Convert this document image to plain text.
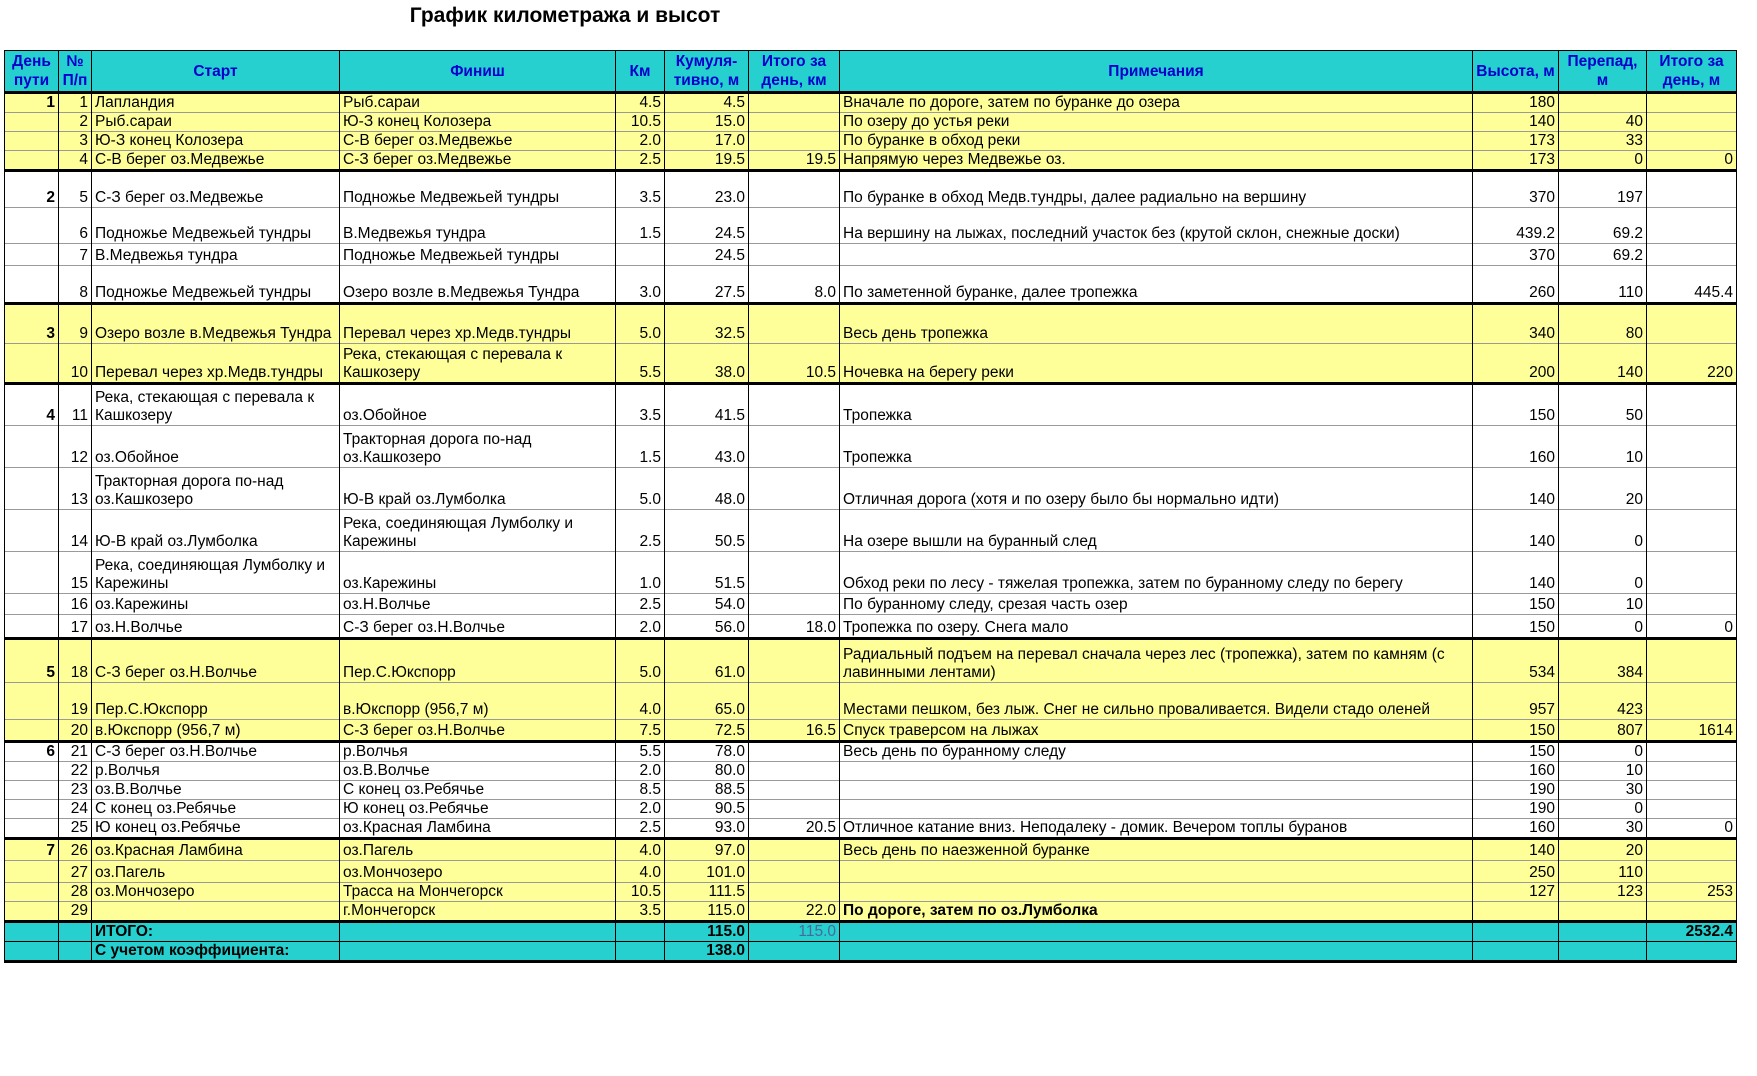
График километража и высот
День пути	№ П/п	Старт	Финиш	Км	Кумуля-тивно, м	Итого за день, км	Примечания	Высота, м	Перепад, м	Итого за день, м
1	1	Лапландия	Рыб.сараи	4.5	4.5		Вначале по дороге, затем по буранке до озера	180		
	2	Рыб.сараи	Ю-З конец Колозера	10.5	15.0		По озеру до устья реки	140	40	
	3	Ю-З конец Колозера	С-В берег оз.Медвежье	2.0	17.0		По буранке в обход реки	173	33	
	4	С-В берег оз.Медвежье	С-З берег оз.Медвежье	2.5	19.5	19.5	Напрямую через Медвежье оз.	173	0	0
2	5	С-З берег оз.Медвежье	Подножье Медвежьей тундры	3.5	23.0		По буранке в обход Медв.тундры, далее радиально на вершину	370	197	
	6	Подножье Медвежьей тундры	В.Медвежья тундра	1.5	24.5		На вершину на лыжах, последний участок без (крутой склон, снежные доски)	439.2	69.2	
	7	В.Медвежья тундра	Подножье Медвежьей тундры		24.5			370	69.2	
	8	Подножье Медвежьей тундры	Озеро возле в.Медвежья Тундра	3.0	27.5	8.0	По заметенной буранке, далее тропежка	260	110	445.4
3	9	Озеро возле в.Медвежья Тундра	Перевал через хр.Медв.тундры	5.0	32.5		Весь день тропежка	340	80	
	10	Перевал через хр.Медв.тундры	Река, стекающая с перевала к Кашкозеру	5.5	38.0	10.5	Ночевка на берегу реки	200	140	220
4	11	Река, стекающая с перевала к Кашкозеру	оз.Обойное	3.5	41.5		Тропежка	150	50	
	12	оз.Обойное	Тракторная дорога по-над оз.Кашкозеро	1.5	43.0		Тропежка	160	10	
	13	Тракторная дорога по-над оз.Кашкозеро	Ю-В край оз.Лумболка	5.0	48.0		Отличная дорога (хотя и по озеру было бы нормально идти)	140	20	
	14	Ю-В край оз.Лумболка	Река, соединяющая Лумболку и Карежины	2.5	50.5		На озере вышли на буранный след	140	0	
	15	Река, соединяющая Лумболку и Карежины	оз.Карежины	1.0	51.5		Обход реки по лесу - тяжелая тропежка, затем по буранному следу по берегу	140	0	
	16	оз.Карежины	оз.Н.Волчье	2.5	54.0		По буранному следу, срезая часть озер	150	10	
	17	оз.Н.Волчье	С-З берег оз.Н.Волчье	2.0	56.0	18.0	Тропежка по озеру. Снега мало	150	0	0
5	18	С-З берег оз.Н.Волчье	Пер.С.Юкспорр	5.0	61.0		Радиальный подъем на перевал сначала через лес (тропежка), затем по камням (с лавинными лентами)	534	384	
	19	Пер.С.Юкспорр	в.Юкспорр (956,7 м)	4.0	65.0		Местами пешком, без лыж. Снег не сильно проваливается. Видели стадо оленей	957	423	
	20	в.Юкспорр (956,7 м)	С-З берег оз.Н.Волчье	7.5	72.5	16.5	Спуск траверсом на лыжах	150	807	1614
6	21	С-З берег оз.Н.Волчье	р.Волчья	5.5	78.0		Весь день по буранному следу	150	0	
	22	р.Волчья	оз.В.Волчье	2.0	80.0			160	10	
	23	оз.В.Волчье	С конец оз.Ребячье	8.5	88.5			190	30	
	24	С конец оз.Ребячье	Ю конец оз.Ребячье	2.0	90.5			190	0	
	25	Ю конец оз.Ребячье	оз.Красная Ламбина	2.5	93.0	20.5	Отличное катание вниз. Неподалеку - домик. Вечером топлы буранов	160	30	0
7	26	оз.Красная Ламбина	оз.Пагель	4.0	97.0		Весь день по наезженной буранке	140	20	
	27	оз.Пагель	оз.Мончозеро	4.0	101.0			250	110	
	28	оз.Мончозеро	Трасса на Мончегорск	10.5	111.5			127	123	253
	29		г.Мончегорск	3.5	115.0	22.0	По дороге, затем по оз.Лумболка			
		ИТОГО:			115.0	115.0				2532.4
		С учетом коэффициента:			138.0					
